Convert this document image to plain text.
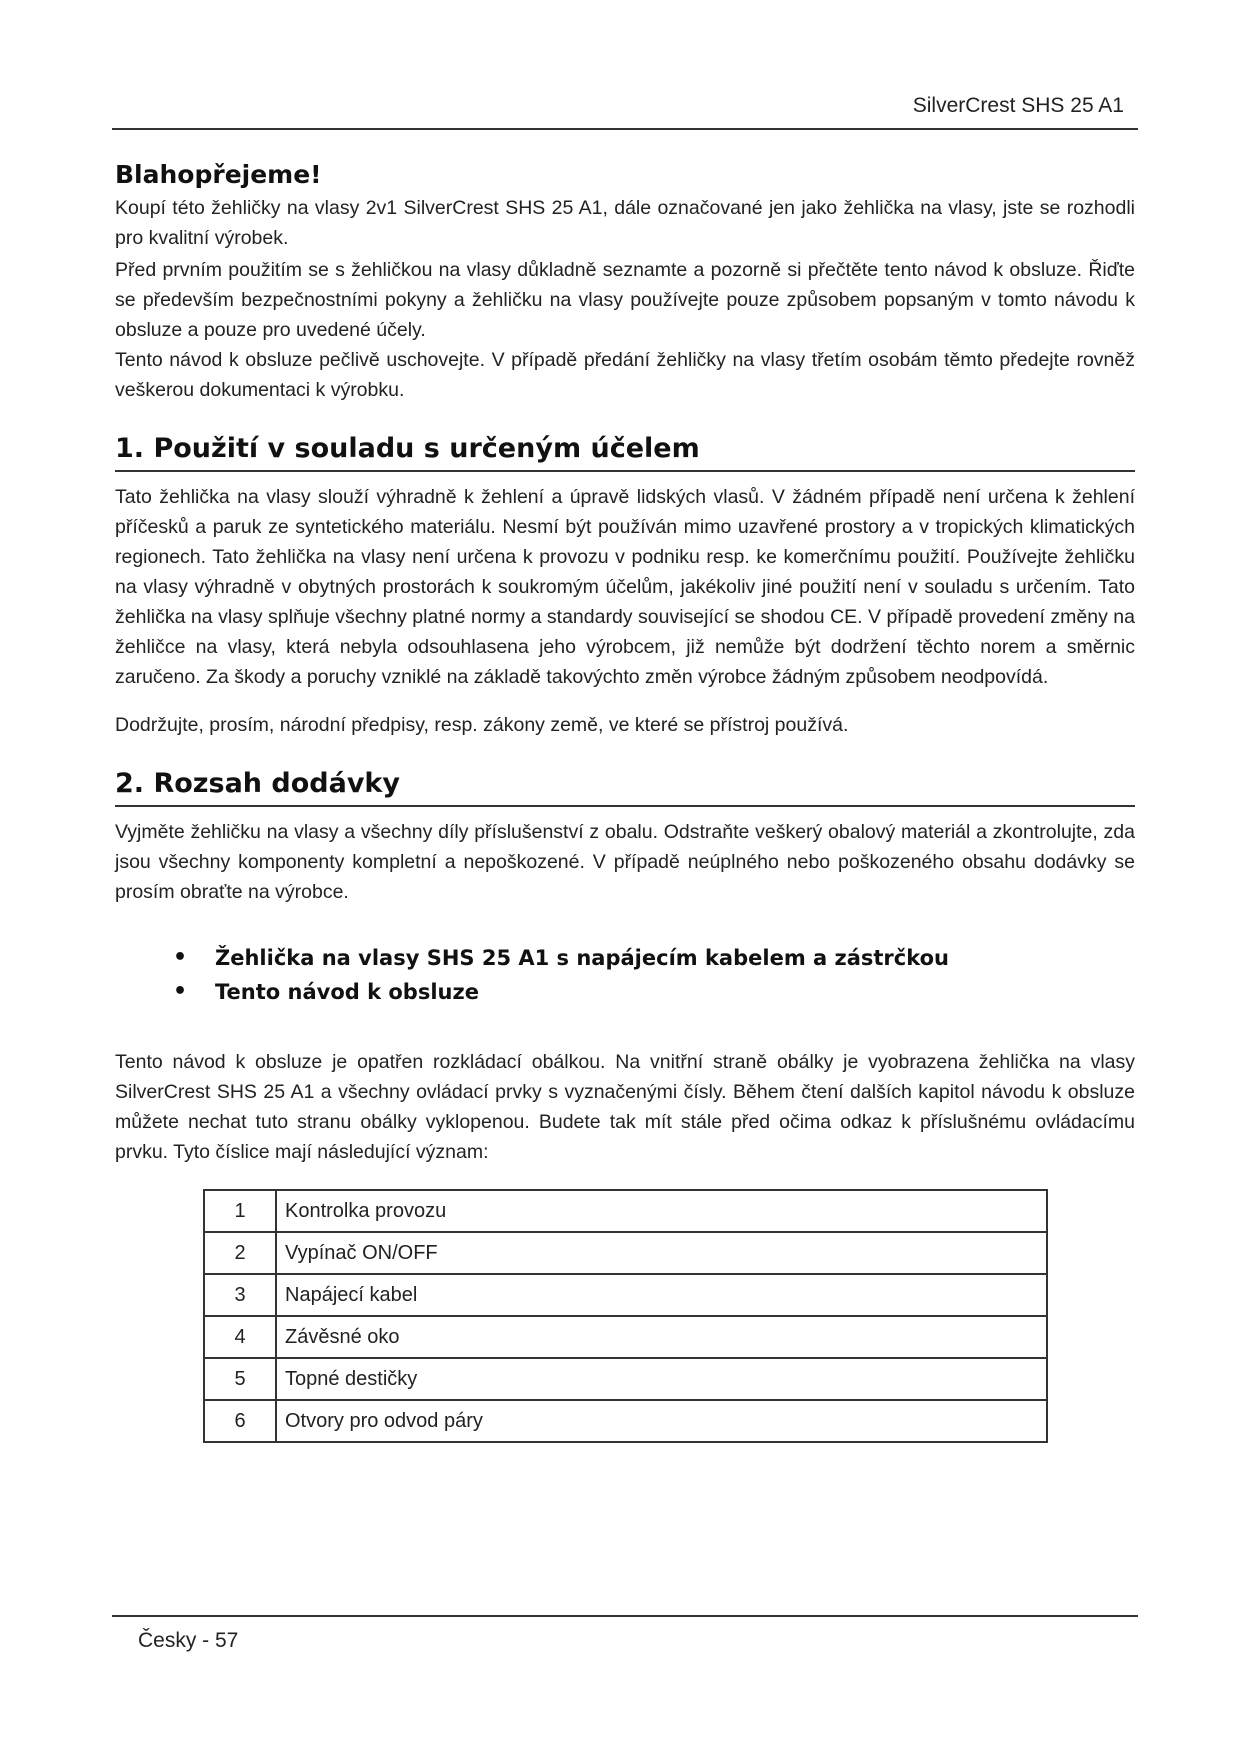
SilverCrest SHS 25 A1
Blahopřejeme!

Koupí této žehličky na vlasy 2v1 SilverCrest SHS 25 A1, dále označované jen jako žehlička na vlasy, jste se rozhodli pro kvalitní výrobek.

Před prvním použitím se s žehličkou na vlasy důkladně seznamte a pozorně si přečtěte tento návod k obsluze. Řiďte se především bezpečnostními pokyny a žehličku na vlasy používejte pouze způsobem popsaným v tomto návodu k obsluze a pouze pro uvedené účely.

Tento návod k obsluze pečlivě uschovejte. V případě předání žehličky na vlasy třetím osobám těmto předejte rovněž veškerou dokumentaci k výrobku.

1. Použití v souladu s určeným účelem

Tato žehlička na vlasy slouží výhradně k žehlení a úpravě lidských vlasů. V žádném případě není určena k žehlení příčesků a paruk ze syntetického materiálu. Nesmí být používán mimo uzavřené prostory a v tropických klimatických regionech. Tato žehlička na vlasy není určena k provozu v podniku resp. ke komerčnímu použití. Používejte žehličku na vlasy výhradně v obytných prostorách k soukromým účelům, jakékoliv jiné použití není v souladu s určením. Tato žehlička na vlasy splňuje všechny platné normy a standardy související se shodou CE. V případě provedení změny na žehličce na vlasy, která nebyla odsouhlasena jeho výrobcem, již nemůže být dodržení těchto norem a směrnic zaručeno. Za škody a poruchy vzniklé na základě takovýchto změn výrobce žádným způsobem neodpovídá.

Dodržujte, prosím, národní předpisy, resp. zákony země, ve které se přístroj používá.

2. Rozsah dodávky

Vyjměte žehličku na vlasy a všechny díly příslušenství z obalu. Odstraňte veškerý obalový materiál a zkontrolujte, zda jsou všechny komponenty kompletní a nepoškozené. V případě neúplného nebo poškozeného obsahu dodávky se prosím obraťte na výrobce.

• Žehlička na vlasy SHS 25 A1 s napájecím kabelem a zástrčkou
• Tento návod k obsluze

Tento návod k obsluze je opatřen rozkládací obálkou. Na vnitřní straně obálky je vyobrazena žehlička na vlasy SilverCrest SHS 25 A1 a všechny ovládací prvky s vyznačenými čísly. Během čtení dalších kapitol návodu k obsluze můžete nechat tuto stranu obálky vyklopenou. Budete tak mít stále před očima odkaz k příslušnému ovládacímu prvku. Tyto číslice mají následující význam:

1	Kontrolka provozu
2	Vypínač ON/OFF
3	Napájecí kabel
4	Závěsné oko
5	Topné destičky
6	Otvory pro odvod páry
Česky - 57
